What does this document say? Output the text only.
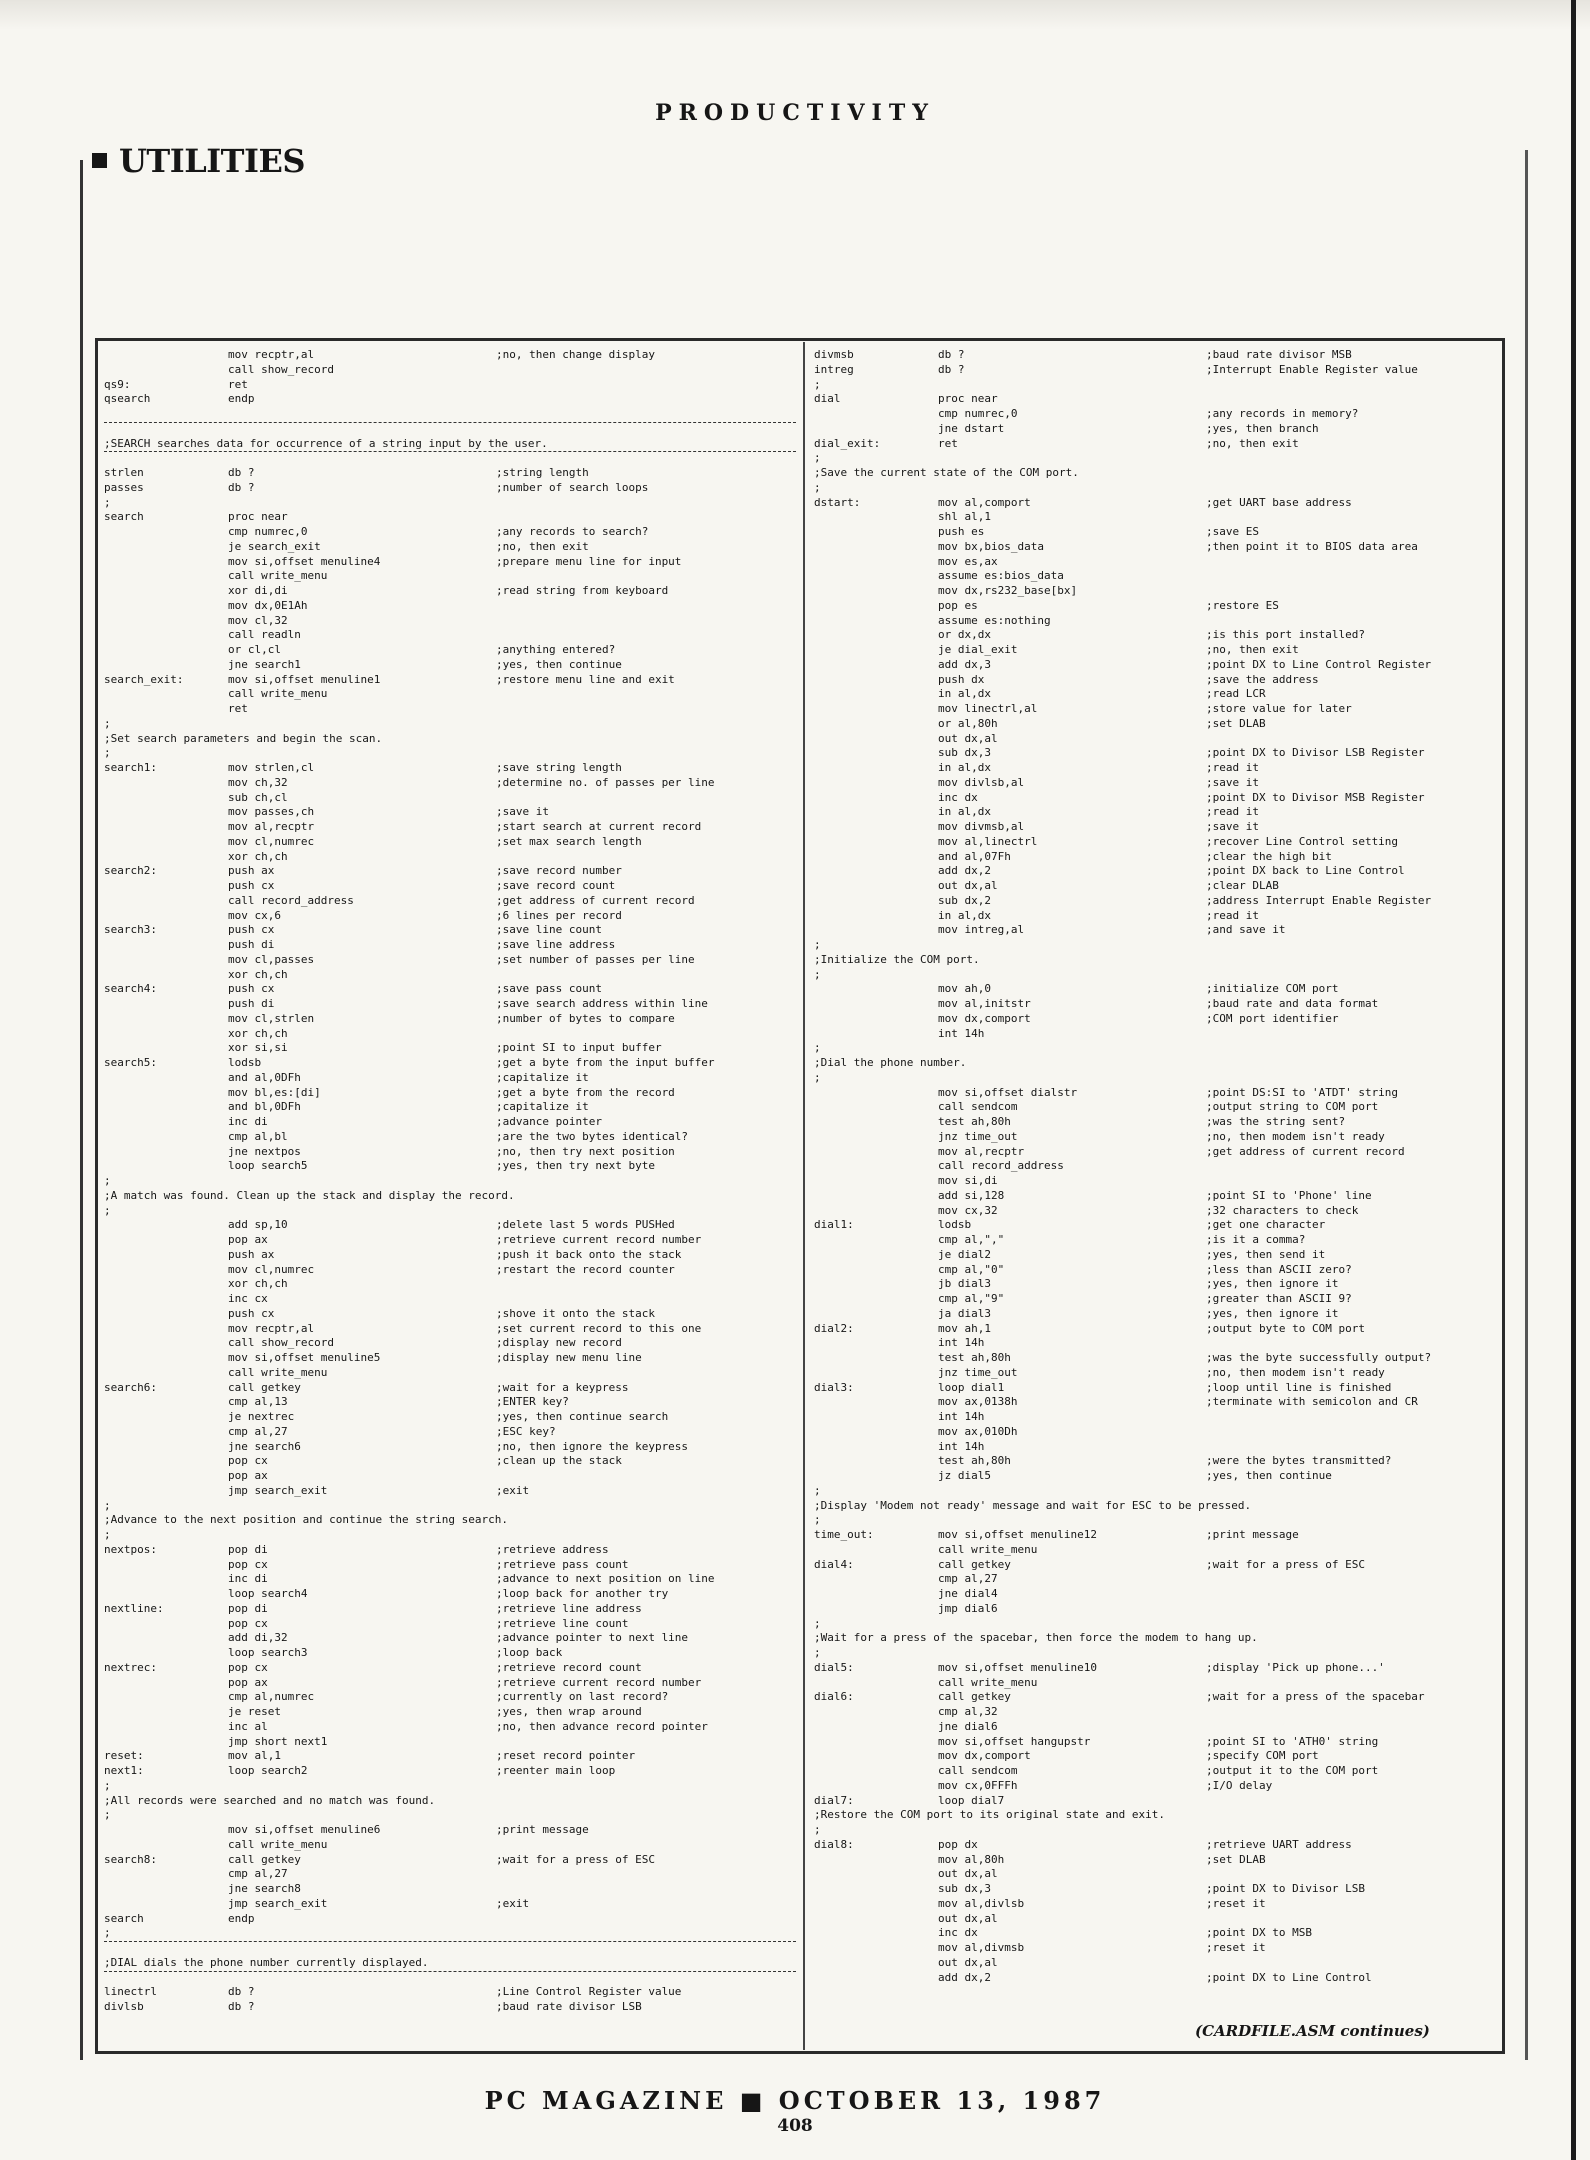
PRODUCTIVITY
UTILITIES
mov recptr,al	;no, then change display
call show_record
qs9:	ret
qsearch	endp
;SEARCH searches data for occurrence of a string input by the user.
strlen	db ?	;string length
passes	db ?	;number of search loops
;
search	proc near
cmp numrec,0	;any records to search?
je search_exit	;no, then exit
mov si,offset menuline4	;prepare menu line for input
call write_menu
xor di,di	;read string from keyboard
mov dx,0E1Ah
mov cl,32
call readln
or cl,cl	;anything entered?
jne search1	;yes, then continue
search_exit:	mov si,offset menuline1	;restore menu line and exit
call write_menu
ret
;
;Set search parameters and begin the scan.
;
search1:	mov strlen,cl	;save string length
mov ch,32	;determine no. of passes per line
sub ch,cl
mov passes,ch	;save it
mov al,recptr	;start search at current record
mov cl,numrec	;set max search length
xor ch,ch
search2:	push ax	;save record number
push cx	;save record count
call record_address	;get address of current record
mov cx,6	;6 lines per record
search3:	push cx	;save line count
push di	;save line address
mov cl,passes	;set number of passes per line
xor ch,ch
search4:	push cx	;save pass count
push di	;save search address within line
mov cl,strlen	;number of bytes to compare
xor ch,ch
xor si,si	;point SI to input buffer
search5:	lodsb	;get a byte from the input buffer
and al,0DFh	;capitalize it
mov bl,es:[di]	;get a byte from the record
and bl,0DFh	;capitalize it
inc di	;advance pointer
cmp al,bl	;are the two bytes identical?
jne nextpos	;no, then try next position
loop search5	;yes, then try next byte
;
;A match was found. Clean up the stack and display the record.
;
add sp,10	;delete last 5 words PUSHed
pop ax	;retrieve current record number
push ax	;push it back onto the stack
mov cl,numrec	;restart the record counter
xor ch,ch
inc cx
push cx	;shove it onto the stack
mov recptr,al	;set current record to this one
call show_record	;display new record
mov si,offset menuline5	;display new menu line
call write_menu
search6:	call getkey	;wait for a keypress
cmp al,13	;ENTER key?
je nextrec	;yes, then continue search
cmp al,27	;ESC key?
jne search6	;no, then ignore the keypress
pop cx	;clean up the stack
pop ax
jmp search_exit	;exit
;
;Advance to the next position and continue the string search.
;
nextpos:	pop di	;retrieve address
pop cx	;retrieve pass count
inc di	;advance to next position on line
loop search4	;loop back for another try
nextline:	pop di	;retrieve line address
pop cx	;retrieve line count
add di,32	;advance pointer to next line
loop search3	;loop back
nextrec:	pop cx	;retrieve record count
pop ax	;retrieve current record number
cmp al,numrec	;currently on last record?
je reset	;yes, then wrap around
inc al	;no, then advance record pointer
jmp short next1
reset:	mov al,1	;reset record pointer
next1:	loop search2	;reenter main loop
;
;All records were searched and no match was found.
;
mov si,offset menuline6	;print message
call write_menu
search8:	call getkey	;wait for a press of ESC
cmp al,27
jne search8
jmp search_exit	;exit
search	endp
;
;DIAL dials the phone number currently displayed.
linectrl	db ?	;Line Control Register value
divlsb	db ?	;baud rate divisor LSB
divmsb	db ?	;baud rate divisor MSB
intreg	db ?	;Interrupt Enable Register value
;
dial	proc near
cmp numrec,0	;any records in memory?
jne dstart	;yes, then branch
dial_exit:	ret	;no, then exit
;
;Save the current state of the COM port.
;
dstart:	mov al,comport	;get UART base address
shl al,1
push es	;save ES
mov bx,bios_data	;then point it to BIOS data area
mov es,ax
assume es:bios_data
mov dx,rs232_base[bx]
pop es	;restore ES
assume es:nothing
or dx,dx	;is this port installed?
je dial_exit	;no, then exit
add dx,3	;point DX to Line Control Register
push dx	;save the address
in al,dx	;read LCR
mov linectrl,al	;store value for later
or al,80h	;set DLAB
out dx,al
sub dx,3	;point DX to Divisor LSB Register
in al,dx	;read it
mov divlsb,al	;save it
inc dx	;point DX to Divisor MSB Register
in al,dx	;read it
mov divmsb,al	;save it
mov al,linectrl	;recover Line Control setting
and al,07Fh	;clear the high bit
add dx,2	;point DX back to Line Control
out dx,al	;clear DLAB
sub dx,2	;address Interrupt Enable Register
in al,dx	;read it
mov intreg,al	;and save it
;
;Initialize the COM port.
;
mov ah,0	;initialize COM port
mov al,initstr	;baud rate and data format
mov dx,comport	;COM port identifier
int 14h
;
;Dial the phone number.
;
mov si,offset dialstr	;point DS:SI to 'ATDT' string
call sendcom	;output string to COM port
test ah,80h	;was the string sent?
jnz time_out	;no, then modem isn't ready
mov al,recptr	;get address of current record
call record_address
mov si,di
add si,128	;point SI to 'Phone' line
mov cx,32	;32 characters to check
dial1:	lodsb	;get one character
cmp al,","	;is it a comma?
je dial2	;yes, then send it
cmp al,"0"	;less than ASCII zero?
jb dial3	;yes, then ignore it
cmp al,"9"	;greater than ASCII 9?
ja dial3	;yes, then ignore it
dial2:	mov ah,1	;output byte to COM port
int 14h
test ah,80h	;was the byte successfully output?
jnz time_out	;no, then modem isn't ready
dial3:	loop dial1	;loop until line is finished
mov ax,0138h	;terminate with semicolon and CR
int 14h
mov ax,010Dh
int 14h
test ah,80h	;were the bytes transmitted?
jz dial5	;yes, then continue
;
;Display 'Modem not ready' message and wait for ESC to be pressed.
;
time_out:	mov si,offset menuline12	;print message
call write_menu
dial4:	call getkey	;wait for a press of ESC
cmp al,27
jne dial4
jmp dial6
;
;Wait for a press of the spacebar, then force the modem to hang up.
;
dial5:	mov si,offset menuline10	;display 'Pick up phone...'
call write_menu
dial6:	call getkey	;wait for a press of the spacebar
cmp al,32
jne dial6
mov si,offset hangupstr	;point SI to 'ATH0' string
mov dx,comport	;specify COM port
call sendcom	;output it to the COM port
mov cx,0FFFh	;I/O delay
dial7:	loop dial7
;Restore the COM port to its original state and exit.
;
dial8:	pop dx	;retrieve UART address
mov al,80h	;set DLAB
out dx,al
sub dx,3	;point DX to Divisor LSB
mov al,divlsb	;reset it
out dx,al
inc dx	;point DX to MSB
mov al,divmsb	;reset it
out dx,al
add dx,2	;point DX to Line Control
(CARDFILE.ASM continues)
PC MAGAZINE ■ OCTOBER 13, 1987
408
